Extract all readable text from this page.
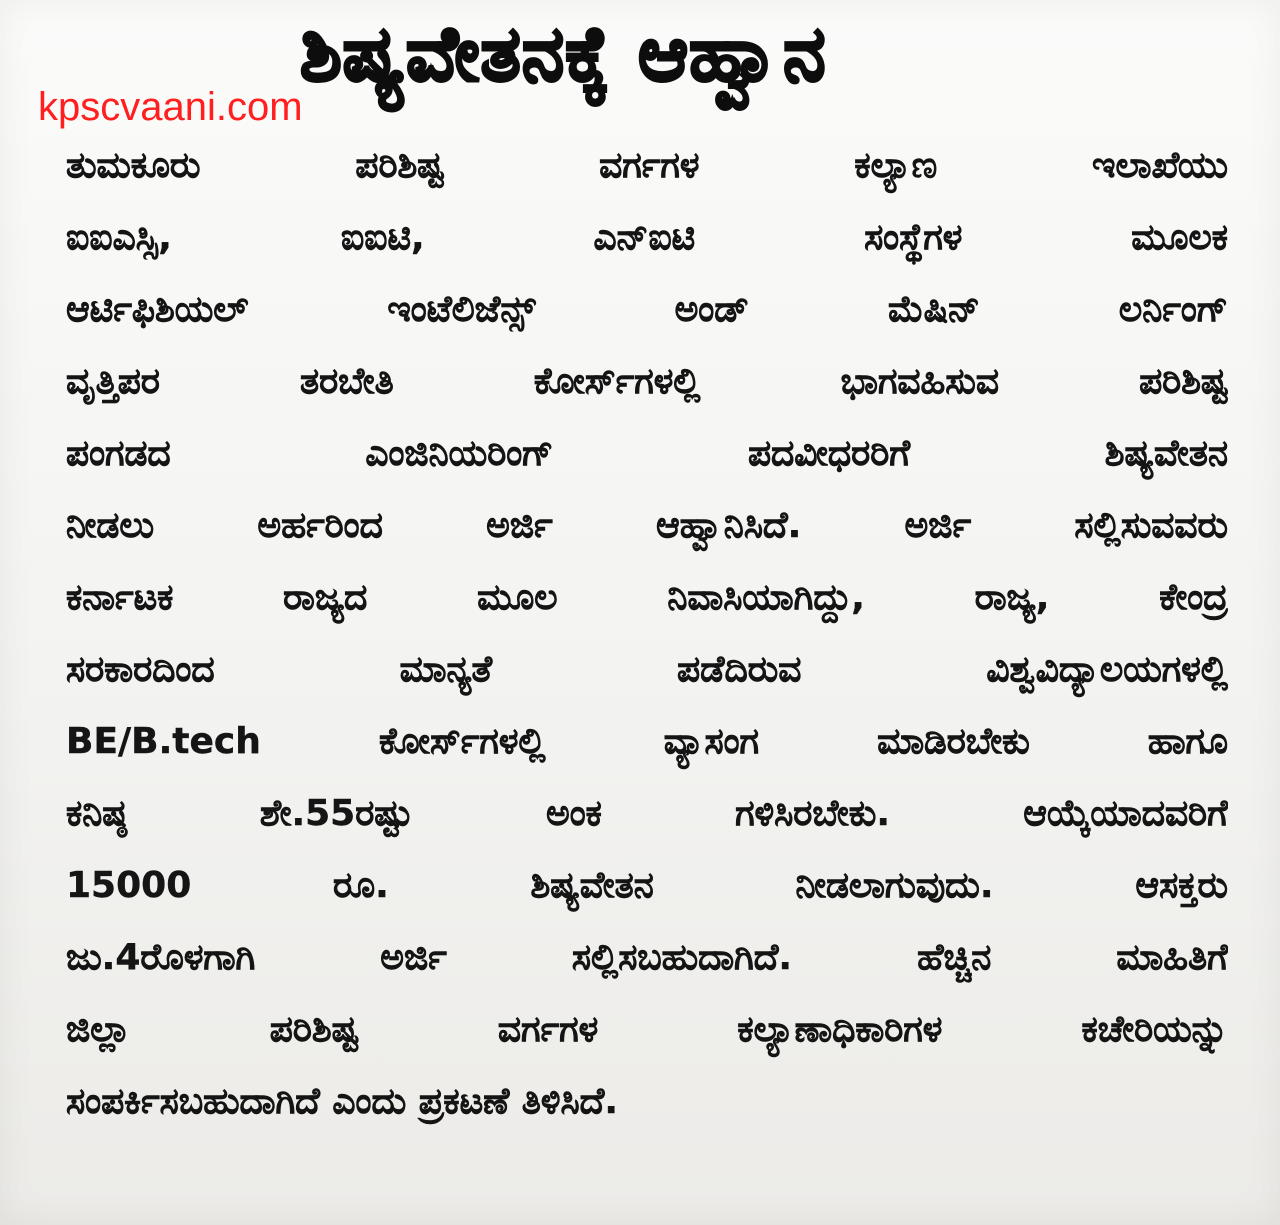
ಶಿಷ್ಯವೇತನಕ್ಕೆ ಆಹ್ವಾನ
kpscvaani.com
ತುಮಕೂರು ಪರಿಶಿಷ್ಟ ವರ್ಗಗಳ ಕಲ್ಯಾಣ ಇಲಾಖೆಯು
ಐಐಎಸ್ಸಿ, ಐಐಟಿ, ಎನ್‌ಐಟಿ ಸಂಸ್ಥೆಗಳ ಮೂಲಕ
ಆರ್ಟಿಫಿಶಿಯಲ್ ಇಂಟೆಲಿಜೆನ್ಸ್ ಅಂಡ್ ಮೆಷಿನ್ ಲರ್ನಿಂಗ್
ವೃತ್ತಿಪರ ತರಬೇತಿ ಕೋರ್ಸ್‌ಗಳಲ್ಲಿ ಭಾಗವಹಿಸುವ ಪರಿಶಿಷ್ಟ
ಪಂಗಡದ ಎಂಜಿನಿಯರಿಂಗ್ ಪದವೀಧರರಿಗೆ ಶಿಷ್ಯವೇತನ
ನೀಡಲು ಅರ್ಹರಿಂದ ಅರ್ಜಿ ಆಹ್ವಾನಿಸಿದೆ. ಅರ್ಜಿ ಸಲ್ಲಿಸುವವರು
ಕರ್ನಾಟಕ ರಾಜ್ಯದ ಮೂಲ ನಿವಾಸಿಯಾಗಿದ್ದು, ರಾಜ್ಯ, ಕೇಂದ್ರ
ಸರಕಾರದಿಂದ ಮಾನ್ಯತೆ ಪಡೆದಿರುವ ವಿಶ್ವವಿದ್ಯಾಲಯಗಳಲ್ಲಿ
BE/B.tech ಕೋರ್ಸ್‌ಗಳಲ್ಲಿ ವ್ಯಾಸಂಗ ಮಾಡಿರಬೇಕು ಹಾಗೂ
ಕನಿಷ್ಠ ಶೇ.55ರಷ್ಟು ಅಂಕ ಗಳಿಸಿರಬೇಕು. ಆಯ್ಕೆಯಾದವರಿಗೆ
15000 ರೂ. ಶಿಷ್ಯವೇತನ ನೀಡಲಾಗುವುದು. ಆಸಕ್ತರು
ಜು.4ರೊಳಗಾಗಿ ಅರ್ಜಿ ಸಲ್ಲಿಸಬಹುದಾಗಿದೆ. ಹೆಚ್ಚಿನ ಮಾಹಿತಿಗೆ
ಜಿಲ್ಲಾ ಪರಿಶಿಷ್ಟ ವರ್ಗಗಳ ಕಲ್ಯಾಣಾಧಿಕಾರಿಗಳ ಕಚೇರಿಯನ್ನು
ಸಂಪರ್ಕಿಸಬಹುದಾಗಿದೆ ಎಂದು ಪ್ರಕಟಣೆ ತಿಳಿಸಿದೆ.
